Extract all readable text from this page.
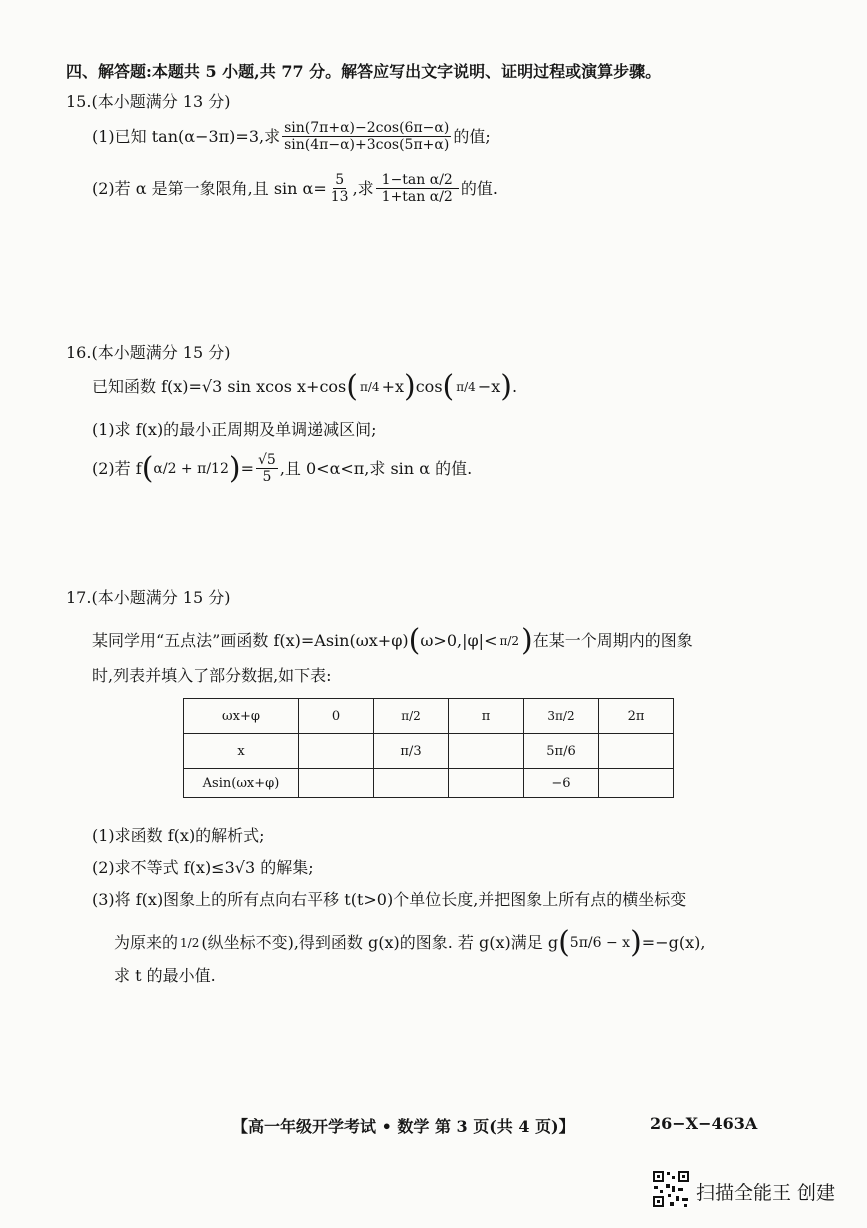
四、解答题:本题共 5 小题,共 77 分。解答应写出文字说明、证明过程或演算步骤。
15.(本小题满分 13 分)
(1)已知 tan(α−3π)=3,求 $\frac{\sin(7\pi+\alpha)-2\cos(6\pi-\alpha)}{\sin(4\pi-\alpha)+3\cos(5\pi+\alpha)}$ 的值;
(2)若 α 是第一象限角,且 $\sin \alpha= \frac{5}{13}$ ,求 $\frac{\text{1−tan α/2}}{\text{1+tan α/2}}$ 的值.
16.(本小题满分 15 分)
已知函数 f(x)=√3 sin xcos x+cos ( π/4 +x ) cos ( π/4 −x ) .
(1)求 f(x)的最小正周期及单调递减区间;
(2)若 f ( α/2 + π/12 ) = $\frac{√5}{5}$ ,且 0<α<π,求 sin α 的值.
17.(本小题满分 15 分)
某同学用“五点法”画函数 f(x)=Asin(ωx+φ) ( ω>0,|φ|< π/2 ) 在某一个周期内的图象
时,列表并填入了部分数据,如下表:
ωx+φ	0	π/2	π	3π/2	2π
x		π/3		5π/6	
Asin(ωx+φ)				−6	
(1)求函数 f(x)的解析式;
(2)求不等式 f(x)≤3√3 的解集;
(3)将 f(x)图象上的所有点向右平移 t(t>0)个单位长度,并把图象上所有点的横坐标变
为原来的 1/2 (纵坐标不变),得到函数 g(x)的图象. 若 g(x)满足 g ( 5π/6 − x ) =−g(x),
求 t 的最小值.
【高一年级开学考试 • 数学 第 3 页(共 4 页)】	26−X−463A
扫描全能王 创建
